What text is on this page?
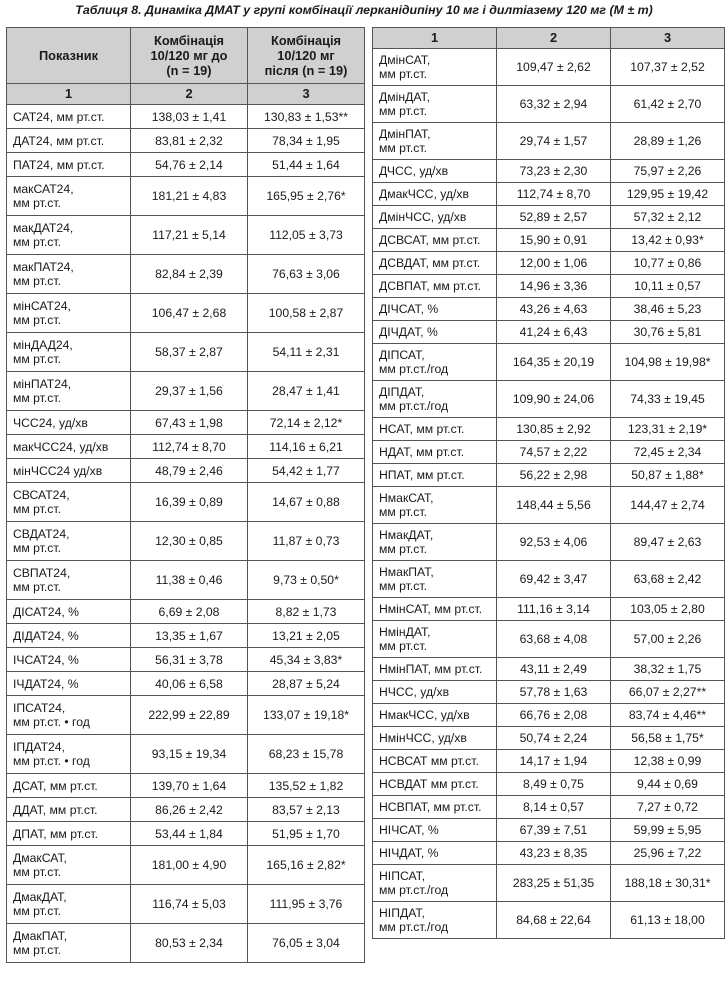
Таблиця 8. Динаміка ДМАТ у групі комбінації лерканідипіну 10 мг і дилтіазему 120 мг (M ± m)
Показник	Комбінація
10/120 мг до
(n = 19)	Комбінація
10/120 мг
після (n = 19)

1	2	3

САТ24, мм рт.ст.	138,03 ± 1,41	130,83 ± 1,53**

ДАТ24, мм рт.ст.	83,81 ± 2,32	78,34 ± 1,95

ПАТ24, мм рт.ст.	54,76 ± 2,14	51,44 ± 1,64

макСАТ24,
мм рт.ст.	181,21 ± 4,83	165,95 ± 2,76*

макДАТ24,
мм рт.ст.	117,21 ± 5,14	112,05 ± 3,73

макПАТ24,
мм рт.ст.	82,84 ± 2,39	76,63 ± 3,06

мінСАТ24,
мм рт.ст.	106,47 ± 2,68	100,58 ± 2,87

мінДАД24,
мм рт.ст.	58,37 ± 2,87	54,11 ± 2,31

мінПАТ24,
мм рт.ст.	29,37 ± 1,56	28,47 ± 1,41

ЧСС24, уд/хв	67,43 ± 1,98	72,14 ± 2,12*

макЧСС24, уд/хв	112,74 ± 8,70	114,16 ± 6,21

мінЧСС24 уд/хв	48,79 ± 2,46	54,42 ± 1,77

СВСАТ24,
мм рт.ст.	16,39 ± 0,89	14,67 ± 0,88

СВДАТ24,
мм рт.ст.	12,30 ± 0,85	11,87 ± 0,73

СВПАТ24,
мм рт.ст.	11,38 ± 0,46	9,73 ± 0,50*

ДІСАТ24, %	6,69 ± 2,08	8,82 ± 1,73

ДІДАТ24, %	13,35 ± 1,67	13,21 ± 2,05

ІЧСАТ24, %	56,31 ± 3,78	45,34 ± 3,83*

ІЧДАТ24, %	40,06 ± 6,58	28,87 ± 5,24

ІПСАТ24,
мм рт.ст. • год	222,99 ± 22,89	133,07 ± 19,18*

ІПДАТ24,
мм рт.ст. • год	93,15 ± 19,34	68,23 ± 15,78

ДСАТ, мм рт.ст.	139,70 ± 1,64	135,52 ± 1,82

ДДАТ, мм рт.ст.	86,26 ± 2,42	83,57 ± 2,13

ДПАТ, мм рт.ст.	53,44 ± 1,84	51,95 ± 1,70

ДмакСАТ,
мм рт.ст.	181,00 ± 4,90	165,16 ± 2,82*

ДмакДАТ,
мм рт.ст.	116,74 ± 5,03	111,95 ± 3,76

ДмакПАТ,
мм рт.ст.	80,53 ± 2,34	76,05 ± 3,04
1	2	3

ДмінСАТ,
мм рт.ст.	109,47 ± 2,62	107,37 ± 2,52

ДмінДАТ,
мм рт.ст.	63,32 ± 2,94	61,42 ± 2,70

ДмінПАТ,
мм рт.ст.	29,74 ± 1,57	28,89 ± 1,26

ДЧСС, уд/хв	73,23 ± 2,30	75,97 ± 2,26

ДмакЧСС, уд/хв	112,74 ± 8,70	129,95 ± 19,42

ДмінЧСС, уд/хв	52,89 ± 2,57	57,32 ± 2,12

ДСВСАТ, мм рт.ст.	15,90 ± 0,91	13,42 ± 0,93*

ДСВДАТ, мм рт.ст.	12,00 ± 1,06	10,77 ± 0,86

ДСВПАТ, мм рт.ст.	14,96 ± 3,36	10,11 ± 0,57

ДІЧСАТ, %	43,26 ± 4,63	38,46 ± 5,23

ДІЧДАТ, %	41,24 ± 6,43	30,76 ± 5,81

ДІПСАТ,
мм рт.ст./год	164,35 ± 20,19	104,98 ± 19,98*

ДІПДАТ,
мм рт.ст./год	109,90 ± 24,06	74,33 ± 19,45

НСАТ, мм рт.ст.	130,85 ± 2,92	123,31 ± 2,19*

НДАТ, мм рт.ст.	74,57 ± 2,22	72,45 ± 2,34

НПАТ, мм рт.ст.	56,22 ± 2,98	50,87 ± 1,88*

НмакСАТ,
мм рт.ст.	148,44 ± 5,56	144,47 ± 2,74

НмакДАТ,
мм рт.ст.	92,53 ± 4,06	89,47 ± 2,63

НмакПАТ,
мм рт.ст.	69,42 ± 3,47	63,68 ± 2,42

НмінСАТ, мм рт.ст.	111,16 ± 3,14	103,05 ± 2,80

НмінДАТ,
мм рт.ст.	63,68 ± 4,08	57,00 ± 2,26

НмінПАТ, мм рт.ст.	43,11 ± 2,49	38,32 ± 1,75

НЧСС, уд/хв	57,78 ± 1,63	66,07 ± 2,27**

НмакЧСС, уд/хв	66,76 ± 2,08	83,74 ± 4,46**

НмінЧСС, уд/хв	50,74 ± 2,24	56,58 ± 1,75*

НСВСАТ мм рт.ст.	14,17 ± 1,94	12,38 ± 0,99

НСВДАТ мм рт.ст.	8,49 ± 0,75	9,44 ± 0,69

НСВПАТ, мм рт.ст.	8,14 ± 0,57	7,27 ± 0,72

НІЧСАТ, %	67,39 ± 7,51	59,99 ± 5,95

НІЧДАТ, %	43,23 ± 8,35	25,96 ± 7,22

НІПСАТ,
мм рт.ст./год	283,25 ± 51,35	188,18 ± 30,31*

НІПДАТ,
мм рт.ст./год	84,68 ± 22,64	61,13 ± 18,00
